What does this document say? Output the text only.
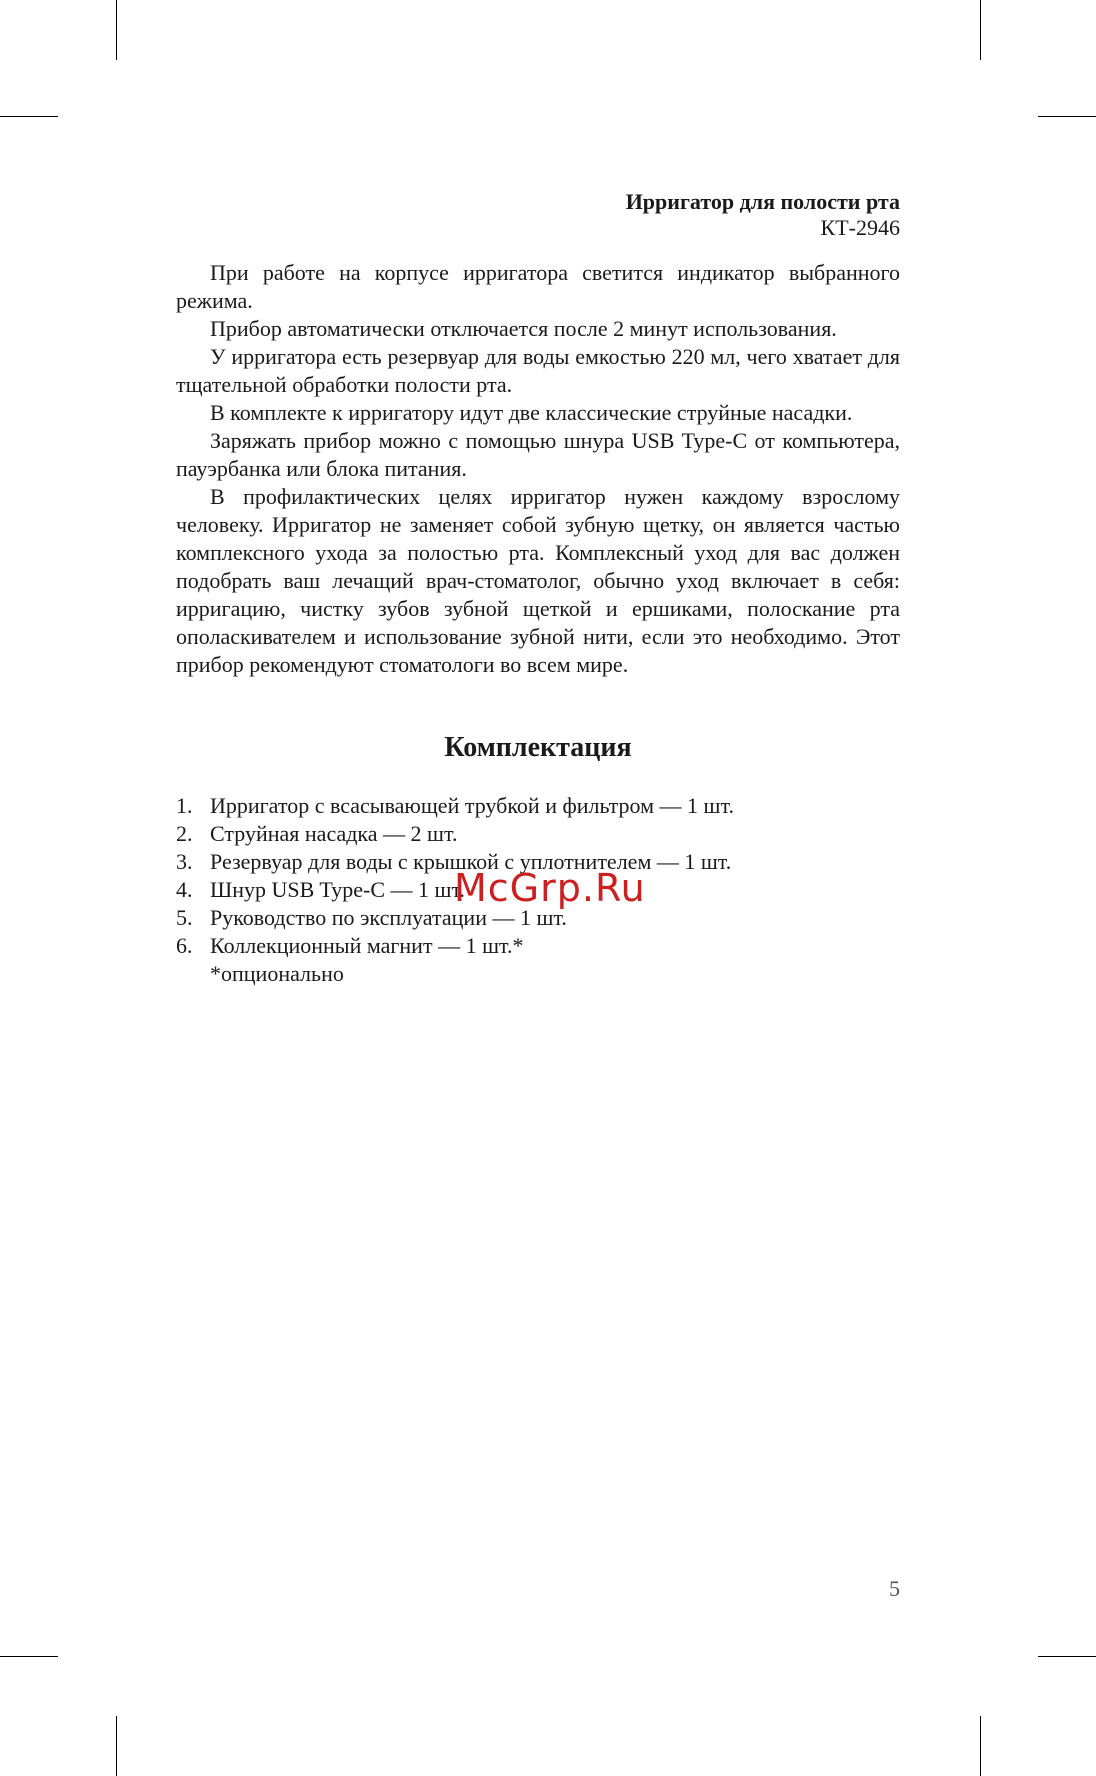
Ирригатор для полости рта
КТ-2946

При работе на корпусе ирригатора светится индикатор выбранного режима.

Прибор автоматически отключается после 2 минут использования.

У ирригатора есть резервуар для воды емкостью 220 мл, чего хватает для тщательной обработки полости рта.

В комплекте к ирригатору идут две классические струйные насадки.

Заряжать прибор можно с помощью шнура USB Type-C от компьютера, пауэрбанка или блока питания.

В профилактических целях ирригатор нужен каждому взрослому человеку. Ирригатор не заменяет собой зубную щетку, он является частью комплексного ухода за полостью рта. Комплексный уход для вас должен подобрать ваш лечащий врач-стоматолог, обычно уход включает в себя: ирригацию, чистку зубов зубной щеткой и ершиками, полоскание рта ополаскивателем и использование зубной нити, если это необходимо. Этот прибор рекомендуют стоматологи во всем мире.

Комплектация
1. Ирригатор с всасывающей трубкой и фильтром — 1 шт.
2. Струйная насадка — 2 шт.
3. Резервуар для воды с крышкой с уплотнителем — 1 шт.
4. Шнур USB Type-C — 1 шт.
5. Руководство по эксплуатации — 1 шт.
6. Коллекционный магнит — 1 шт.*
*опционально
McGrp.Ru
5
